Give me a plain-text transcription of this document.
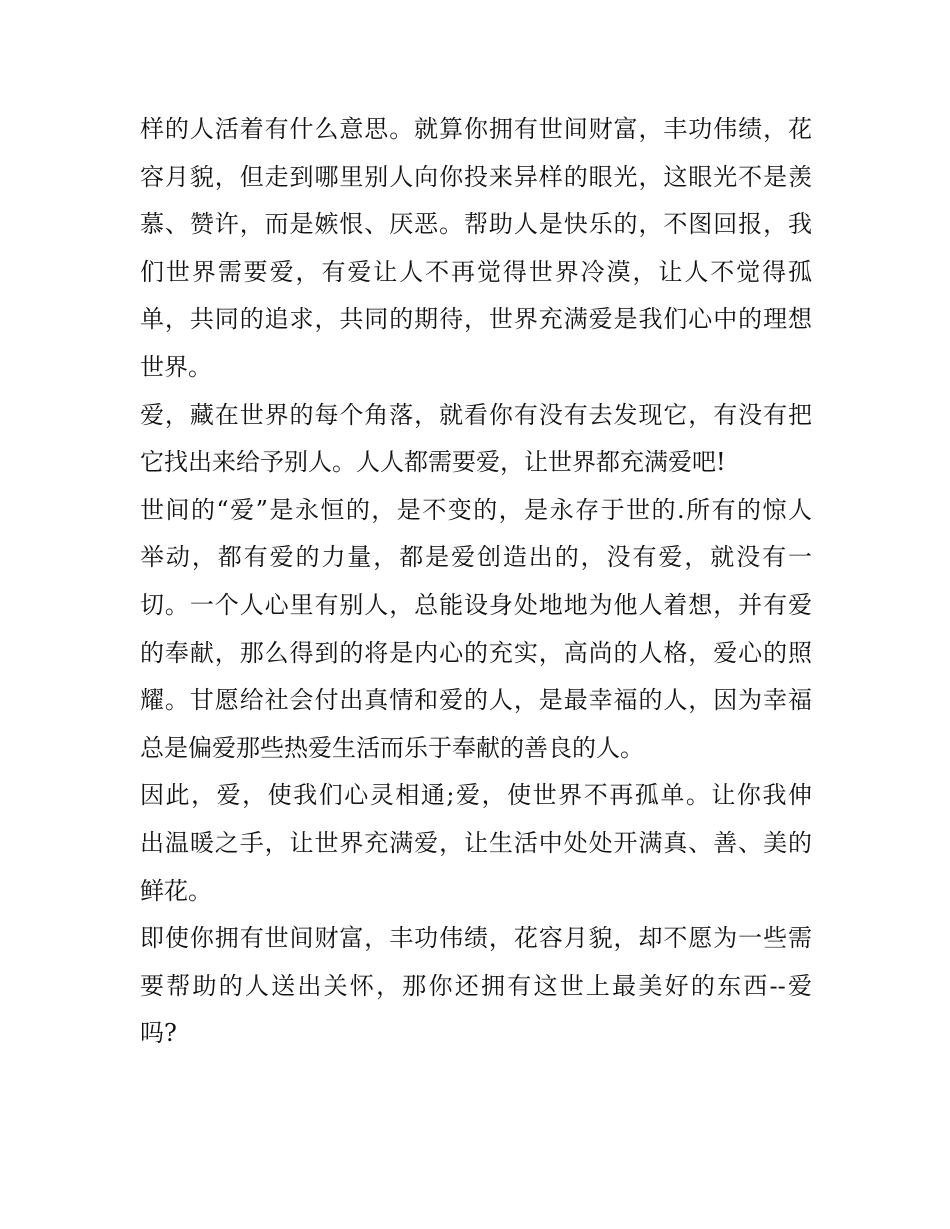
样的人活着有什么意思。就算你拥有世间财富，丰功伟绩，花
容月貌，但走到哪里别人向你投来异样的眼光，这眼光不是羡
慕、赞许，而是嫉恨、厌恶。帮助人是快乐的，不图回报，我
们世界需要爱，有爱让人不再觉得世界冷漠，让人不觉得孤
单，共同的追求，共同的期待，世界充满爱是我们心中的理想
世界。
爱，藏在世界的每个角落，就看你有没有去发现它，有没有把
它找出来给予别人。人人都需要爱，让世界都充满爱吧!
世间的“爱”是永恒的，是不变的，是永存于世的.所有的惊人
举动，都有爱的力量，都是爱创造出的，没有爱，就没有一
切。一个人心里有别人，总能设身处地地为他人着想，并有爱
的奉献，那么得到的将是内心的充实，高尚的人格，爱心的照
耀。甘愿给社会付出真情和爱的人，是最幸福的人，因为幸福
总是偏爱那些热爱生活而乐于奉献的善良的人。
因此，爱，使我们心灵相通;爱，使世界不再孤单。让你我伸
出温暖之手，让世界充满爱，让生活中处处开满真、善、美的
鲜花。
即使你拥有世间财富，丰功伟绩，花容月貌，却不愿为一些需
要帮助的人送出关怀，那你还拥有这世上最美好的东西--爱
吗?
